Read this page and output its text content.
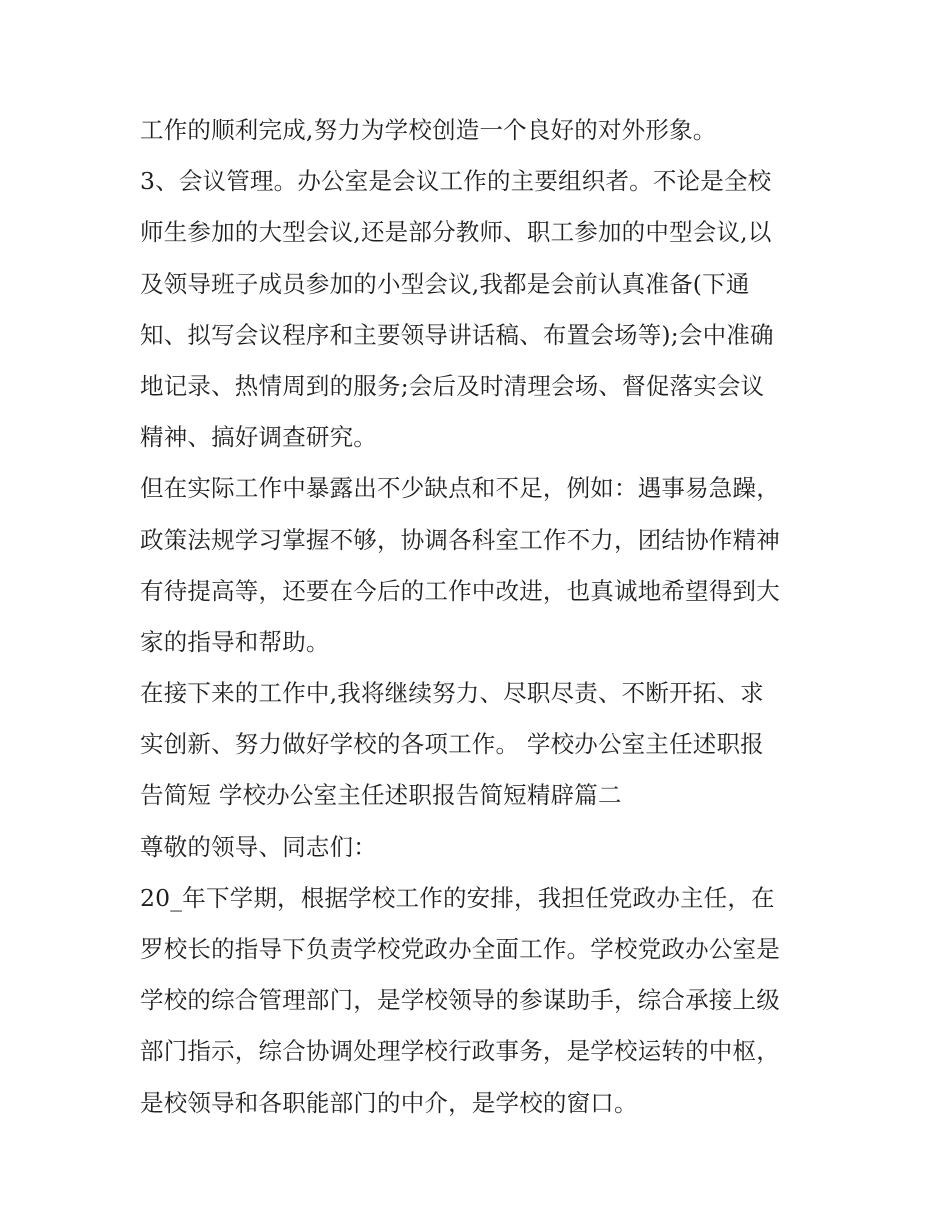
工作的顺利完成,努力为学校创造一个良好的对外形象。
3、会议管理。办公室是会议工作的主要组织者。不论是全校
师生参加的大型会议,还是部分教师、职工参加的中型会议,以
及领导班子成员参加的小型会议,我都是会前认真准备(下通
知、拟写会议程序和主要领导讲话稿、布置会场等);会中准确
地记录、热情周到的服务;会后及时清理会场、督促落实会议
精神、搞好调查研究。
但在实际工作中暴露出不少缺点和不足，例如：遇事易急躁，
政策法规学习掌握不够，协调各科室工作不力，团结协作精神
有待提高等，还要在今后的工作中改进，也真诚地希望得到大
家的指导和帮助。
在接下来的工作中,我将继续努力、尽职尽责、不断开拓、求
实创新、努力做好学校的各项工作。 学校办公室主任述职报
告简短 学校办公室主任述职报告简短精辟篇二
尊敬的领导、同志们：
20_年下学期，根据学校工作的安排，我担任党政办主任，在
罗校长的指导下负责学校党政办全面工作。学校党政办公室是
学校的综合管理部门，是学校领导的参谋助手，综合承接上级
部门指示，综合协调处理学校行政事务，是学校运转的中枢，
是校领导和各职能部门的中介，是学校的窗口。
